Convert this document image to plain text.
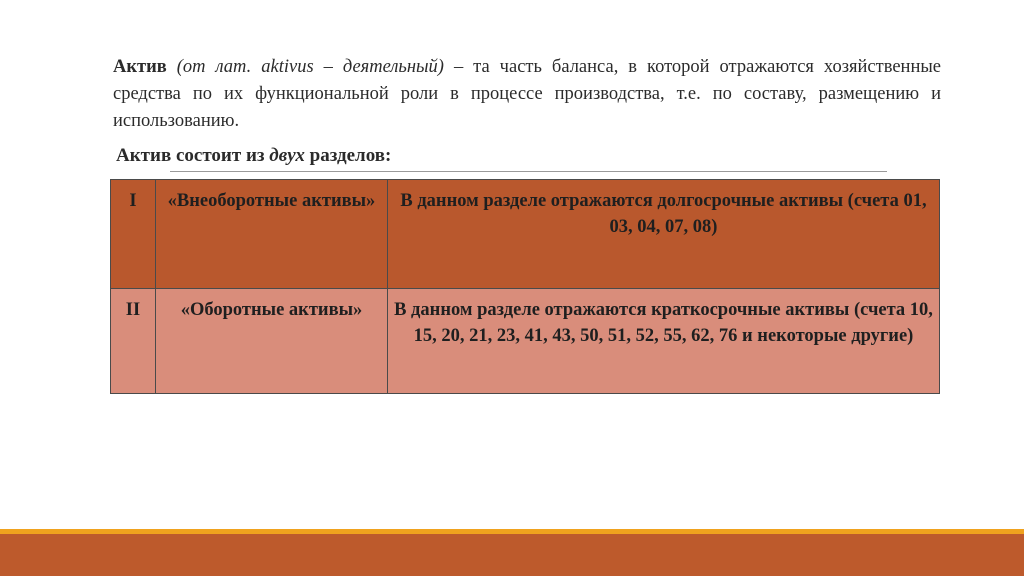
Актив (от лат. aktivus – деятельный) – та часть баланса, в которой отражаются хозяйственные средства по их функциональной роли в процессе производства, т.е. по составу, размещению и использованию.
Актив состоит из двух разделов:
I	«Внеоборотные активы»	В данном разделе отражаются долгосрочные активы (счета 01, 03, 04, 07, 08)
II	«Оборотные активы»	В данном разделе отражаются краткосрочные активы (счета 10, 15, 20, 21, 23, 41, 43, 50, 51, 52, 55, 62, 76 и некоторые другие)
